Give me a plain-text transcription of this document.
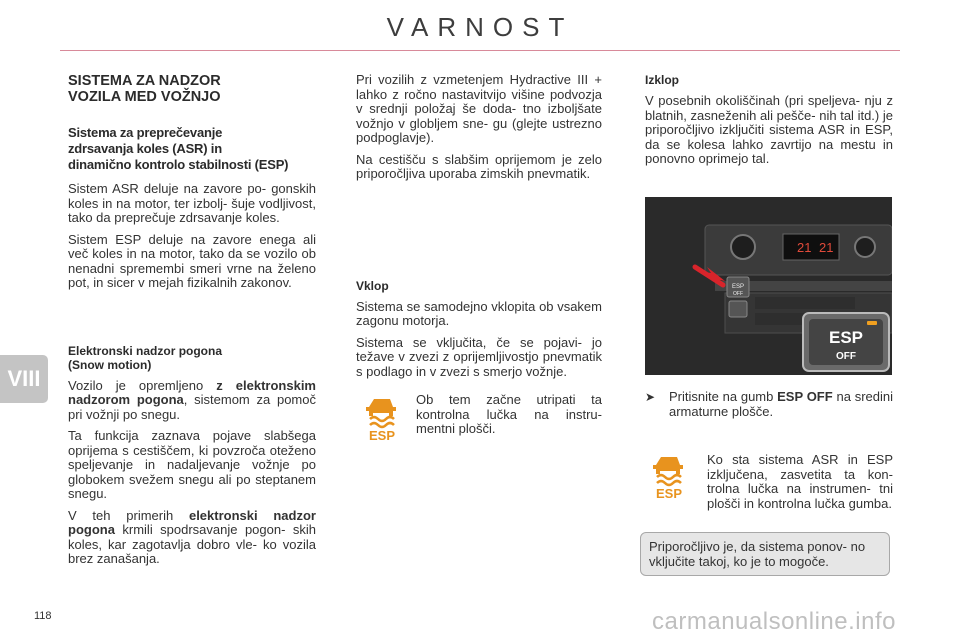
VARNOST
VIII
SISTEMA ZA NADZOR
VOZILA MED VOŽNJO
Sistema za preprečevanje
zdrsavanja koles (ASR) in
dinamično kontrolo stabilnosti (ESP)

Sistem ASR deluje na zavore po- gonskih koles in na motor, ter izbolj- šuje vodljivost, tako da preprečuje zdrsavanje koles.

Sistem ESP deluje na zavore enega ali več koles in na motor, tako da se vozilo ob nenadni spremembi smeri vrne na želeno pot, in sicer v mejah fizikalnih zakonov.

Elektronski nadzor pogona
(Snow motion)

Vozilo je opremljeno z elektronskim nadzorom pogona, sistemom za pomoč pri vožnji po snegu.

Ta funkcija zaznava pojave slabšega oprijema s cestiščem, ki povzroča oteženo speljevanje in nadaljevanje vožnje po globokem svežem snegu ali po steptanem snegu.

V teh primerih elektronski nadzor pogona krmili spodrsavanje pogon- skih koles, kar zagotavlja dobro vle- ko vozila brez zanašanja.

Pri vozilih z vzmetenjem Hydractive III + lahko z ročno nastavitvijo višine podvozja v srednji položaj še doda- tno izboljšate vožnjo v globljem sne- gu (glejte ustrezno podpoglavje).

Na cestišču s slabšim oprijemom je zelo priporočljiva uporaba zimskih pnevmatik.

Vklop

Sistema se samodejno vklopita ob vsakem zagonu motorja.

Sistema se vključita, če se pojavi- jo težave v zvezi z oprijemljivostjo pnevmatik s podlago in v zvezi s smerjo vožnje.

ESP
Ob tem začne utripati ta kontrolna lučka na instru- mentni plošči.
Izklop

V posebnih okoliščinah (pri speljeva- nju z blatnih, zasneženih ali pešče- nih tal itd.) je priporočljivo izključiti sistema ASR in ESP, da se kolesa lahko zavrtijo na mestu in ponovno oprimejo tal.

21 21
ESP
OFF
ESP
OFF
➤	Pritisnite na gumb ESP OFF na sredini armaturne plošče.
ESP
Ko sta sistema ASR in ESP izključena, zasvetita ta kon- trolna lučka na instrumen- tni plošči in kontrolna lučka gumba.
Priporočljivo je, da sistema ponov- no vključite takoj, ko je to mogoče.
118	carmanualsonline.info
